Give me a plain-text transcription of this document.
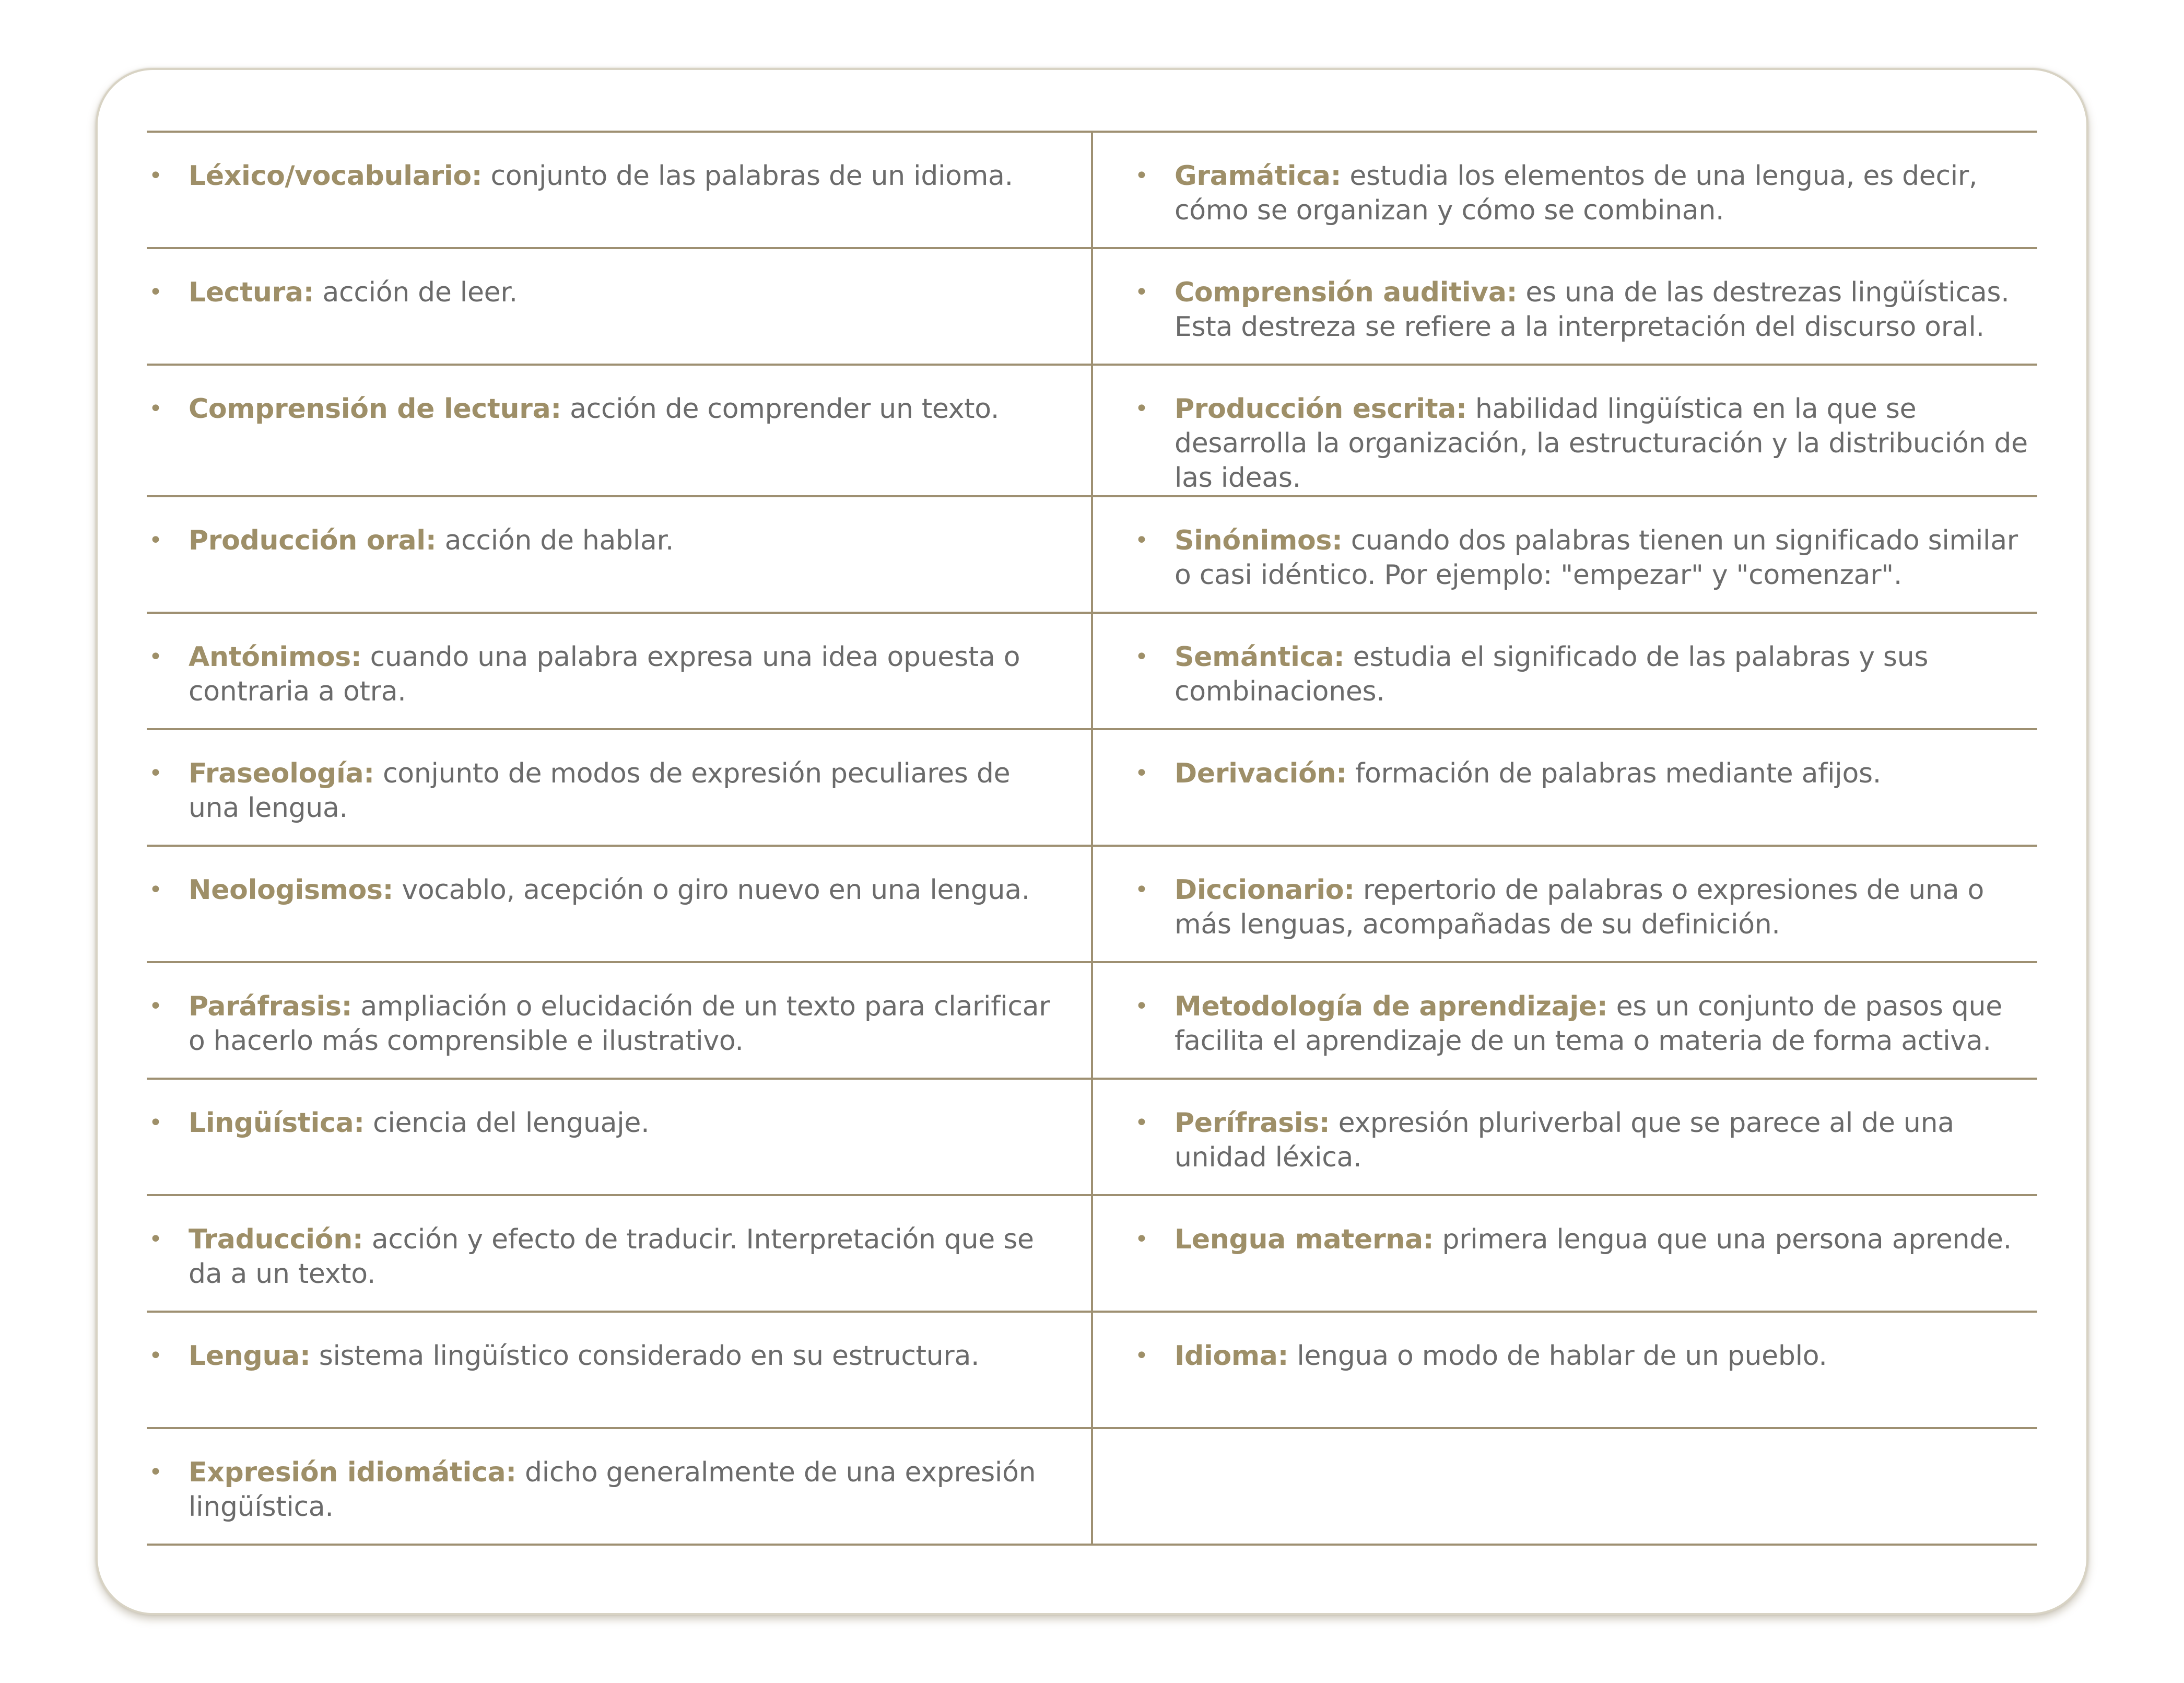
• Léxico/vocabulario: conjunto de las palabras de un idioma.	• Gramática: estudia los elementos de una lengua, es decir, cómo se organizan y cómo se combinan.

• Lectura: acción de leer.	• Comprensión auditiva: es una de las destrezas lingüísticas. Esta destreza se refiere a la interpretación del discurso oral.

• Comprensión de lectura: acción de comprender un texto.	• Producción escrita: habilidad lingüística en la que se desarrolla la organización, la estructuración y la distribución de las ideas.

• Producción oral: acción de hablar.	• Sinónimos: cuando dos palabras tienen un significado similar o casi idéntico. Por ejemplo: "empezar" y "comenzar".

• Antónimos: cuando una palabra expresa una idea opuesta o contraria a otra.	• Semántica: estudia el significado de las palabras y sus combinaciones.

• Fraseología: conjunto de modos de expresión peculiares de una lengua.	• Derivación: formación de palabras mediante afijos.

• Neologismos: vocablo, acepción o giro nuevo en una lengua.	• Diccionario: repertorio de palabras o expresiones de una o más lenguas, acompañadas de su definición.

• Paráfrasis: ampliación o elucidación de un texto para clarificar o hacerlo más comprensible e ilustrativo.	• Metodología de aprendizaje: es un conjunto de pasos que facilita el aprendizaje de un tema o materia de forma activa.

• Lingüística: ciencia del lenguaje.	• Perífrasis: expresión pluriverbal que se parece al de una unidad léxica.

• Traducción: acción y efecto de traducir. Interpretación que se da a un texto.	• Lengua materna: primera lengua que una persona aprende.

• Lengua: sistema lingüístico considerado en su estructura.	• Idioma: lengua o modo de hablar de un pueblo.

• Expresión idiomática: dicho generalmente de una expresión lingüística.	
